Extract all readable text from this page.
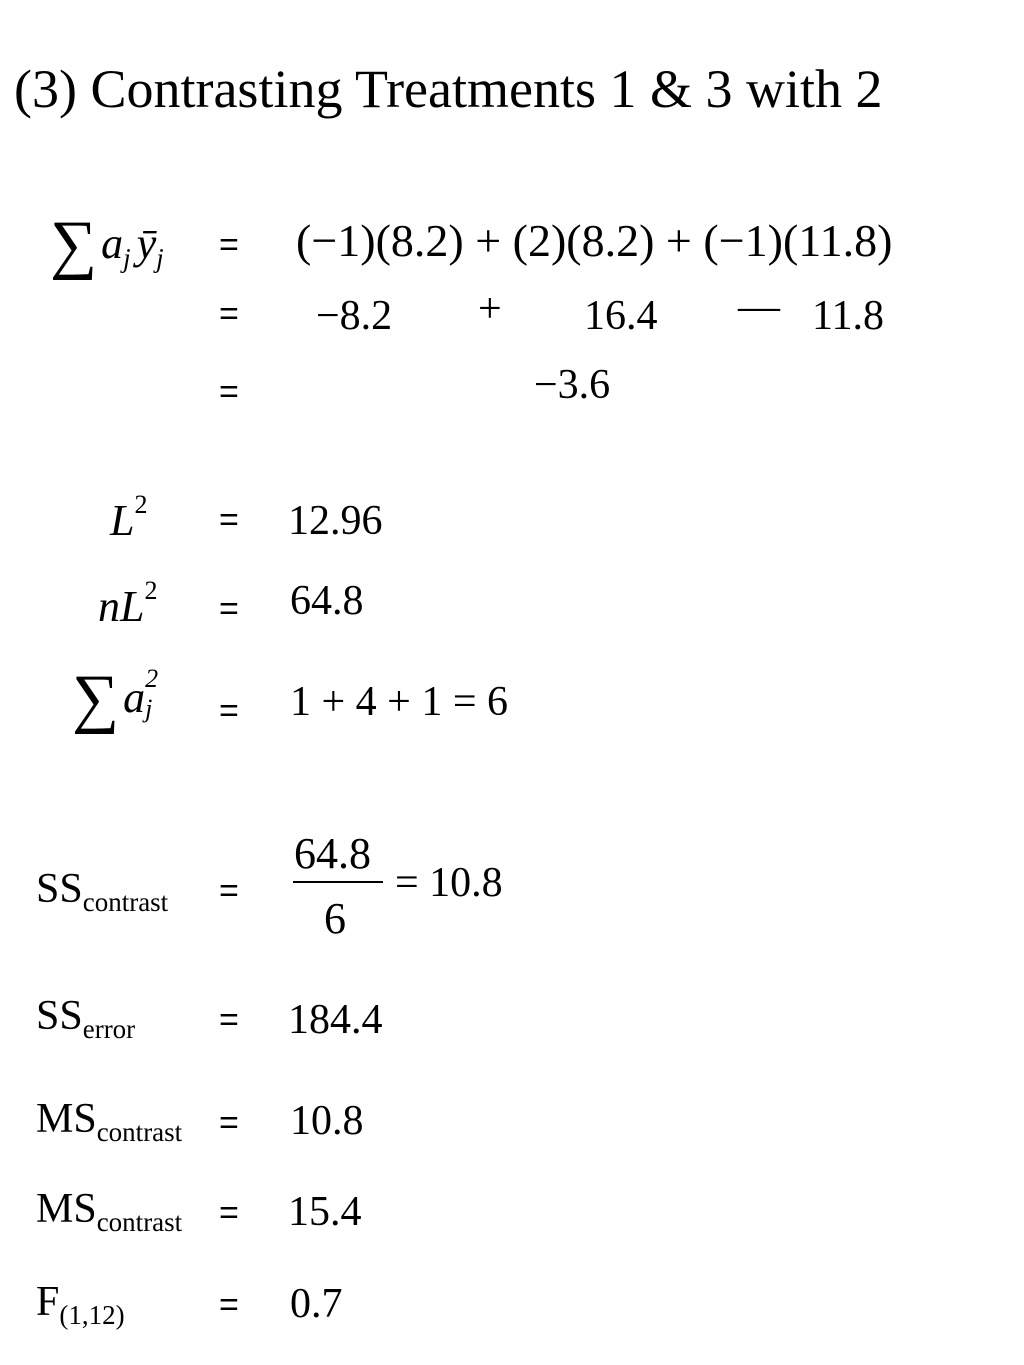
(3) Contrasting Treatments 1 & 3 with 2
$\sum a_j$ $ȳ_j = (-1)(8.2) + (2)(8.2) + (-1)(11.8)$
= −8.2 + 16.4 — 11.8
=	−3.6
$L^2 = 12.96$
$nL^2 = 64.8$
∑a 2
j = 1 + 4 + 1 = 6
$SS_{contrast}$ =
64.8
6
= 10.8
$SS_{error} = 184.4$
$MS_{contrast} = 10.8$
$MS_{contrast} = 15.4$
$F_{(1,12)}$	= 0.7
